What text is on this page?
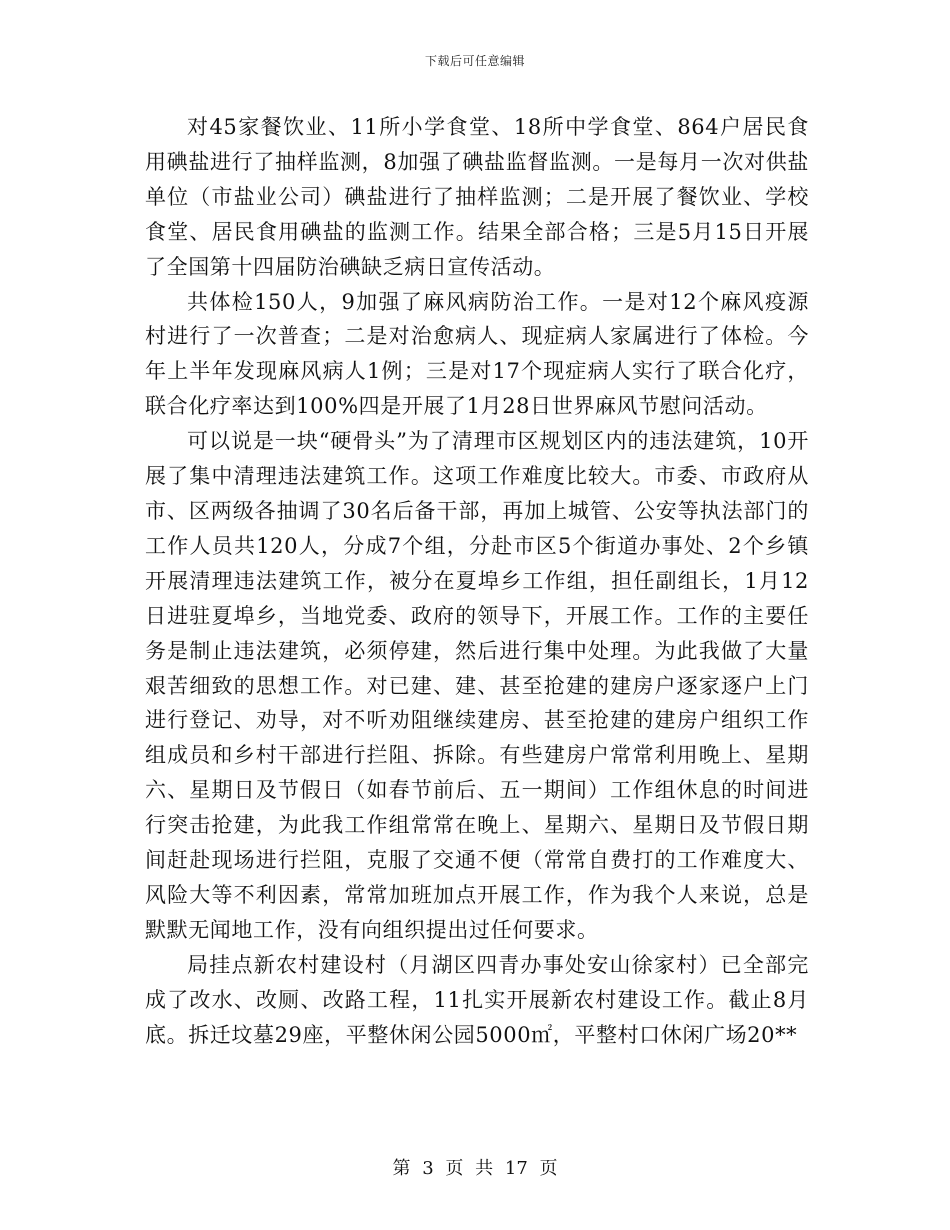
下载后可任意编辑

对45家餐饮业、11所小学食堂、18所中学食堂、864户居民食用碘盐进行了抽样监测，8加强了碘盐监督监测。一是每月一次对供盐单位（市盐业公司）碘盐进行了抽样监测；二是开展了餐饮业、学校食堂、居民食用碘盐的监测工作。结果全部合格；三是5月15日开展了全国第十四届防治碘缺乏病日宣传活动。

共体检150人，9加强了麻风病防治工作。一是对12个麻风疫源村进行了一次普查；二是对治愈病人、现症病人家属进行了体检。今年上半年发现麻风病人1例；三是对17个现症病人实行了联合化疗，联合化疗率达到100%四是开展了1月28日世界麻风节慰问活动。

可以说是一块“硬骨头”为了清理市区规划区内的违法建筑，10开展了集中清理违法建筑工作。这项工作难度比较大。市委、市政府从市、区两级各抽调了30名后备干部，再加上城管、公安等执法部门的工作人员共120人，分成7个组，分赴市区5个街道办事处、2个乡镇开展清理违法建筑工作，被分在夏埠乡工作组，担任副组长，1月12日进驻夏埠乡，当地党委、政府的领导下，开展工作。工作的主要任务是制止违法建筑，必须停建，然后进行集中处理。为此我做了大量艰苦细致的思想工作。对已建、建、甚至抢建的建房户逐家逐户上门进行登记、劝导，对不听劝阻继续建房、甚至抢建的建房户组织工作组成员和乡村干部进行拦阻、拆除。有些建房户常常利用晚上、星期六、星期日及节假日（如春节前后、五一期间）工作组休息的时间进行突击抢建，为此我工作组常常在晚上、星期六、星期日及节假日期间赶赴现场进行拦阻，克服了交通不便（常常自费打的工作难度大、风险大等不利因素，常常加班加点开展工作，作为我个人来说，总是默默无闻地工作，没有向组织提出过任何要求。

局挂点新农村建设村（月湖区四青办事处安山徐家村）已全部完成了改水、改厕、改路工程，11扎实开展新农村建设工作。截止8月底。拆迁坟墓29座，平整休闲公园5000㎡，平整村口休闲广场20**

第 3 页 共 17 页
